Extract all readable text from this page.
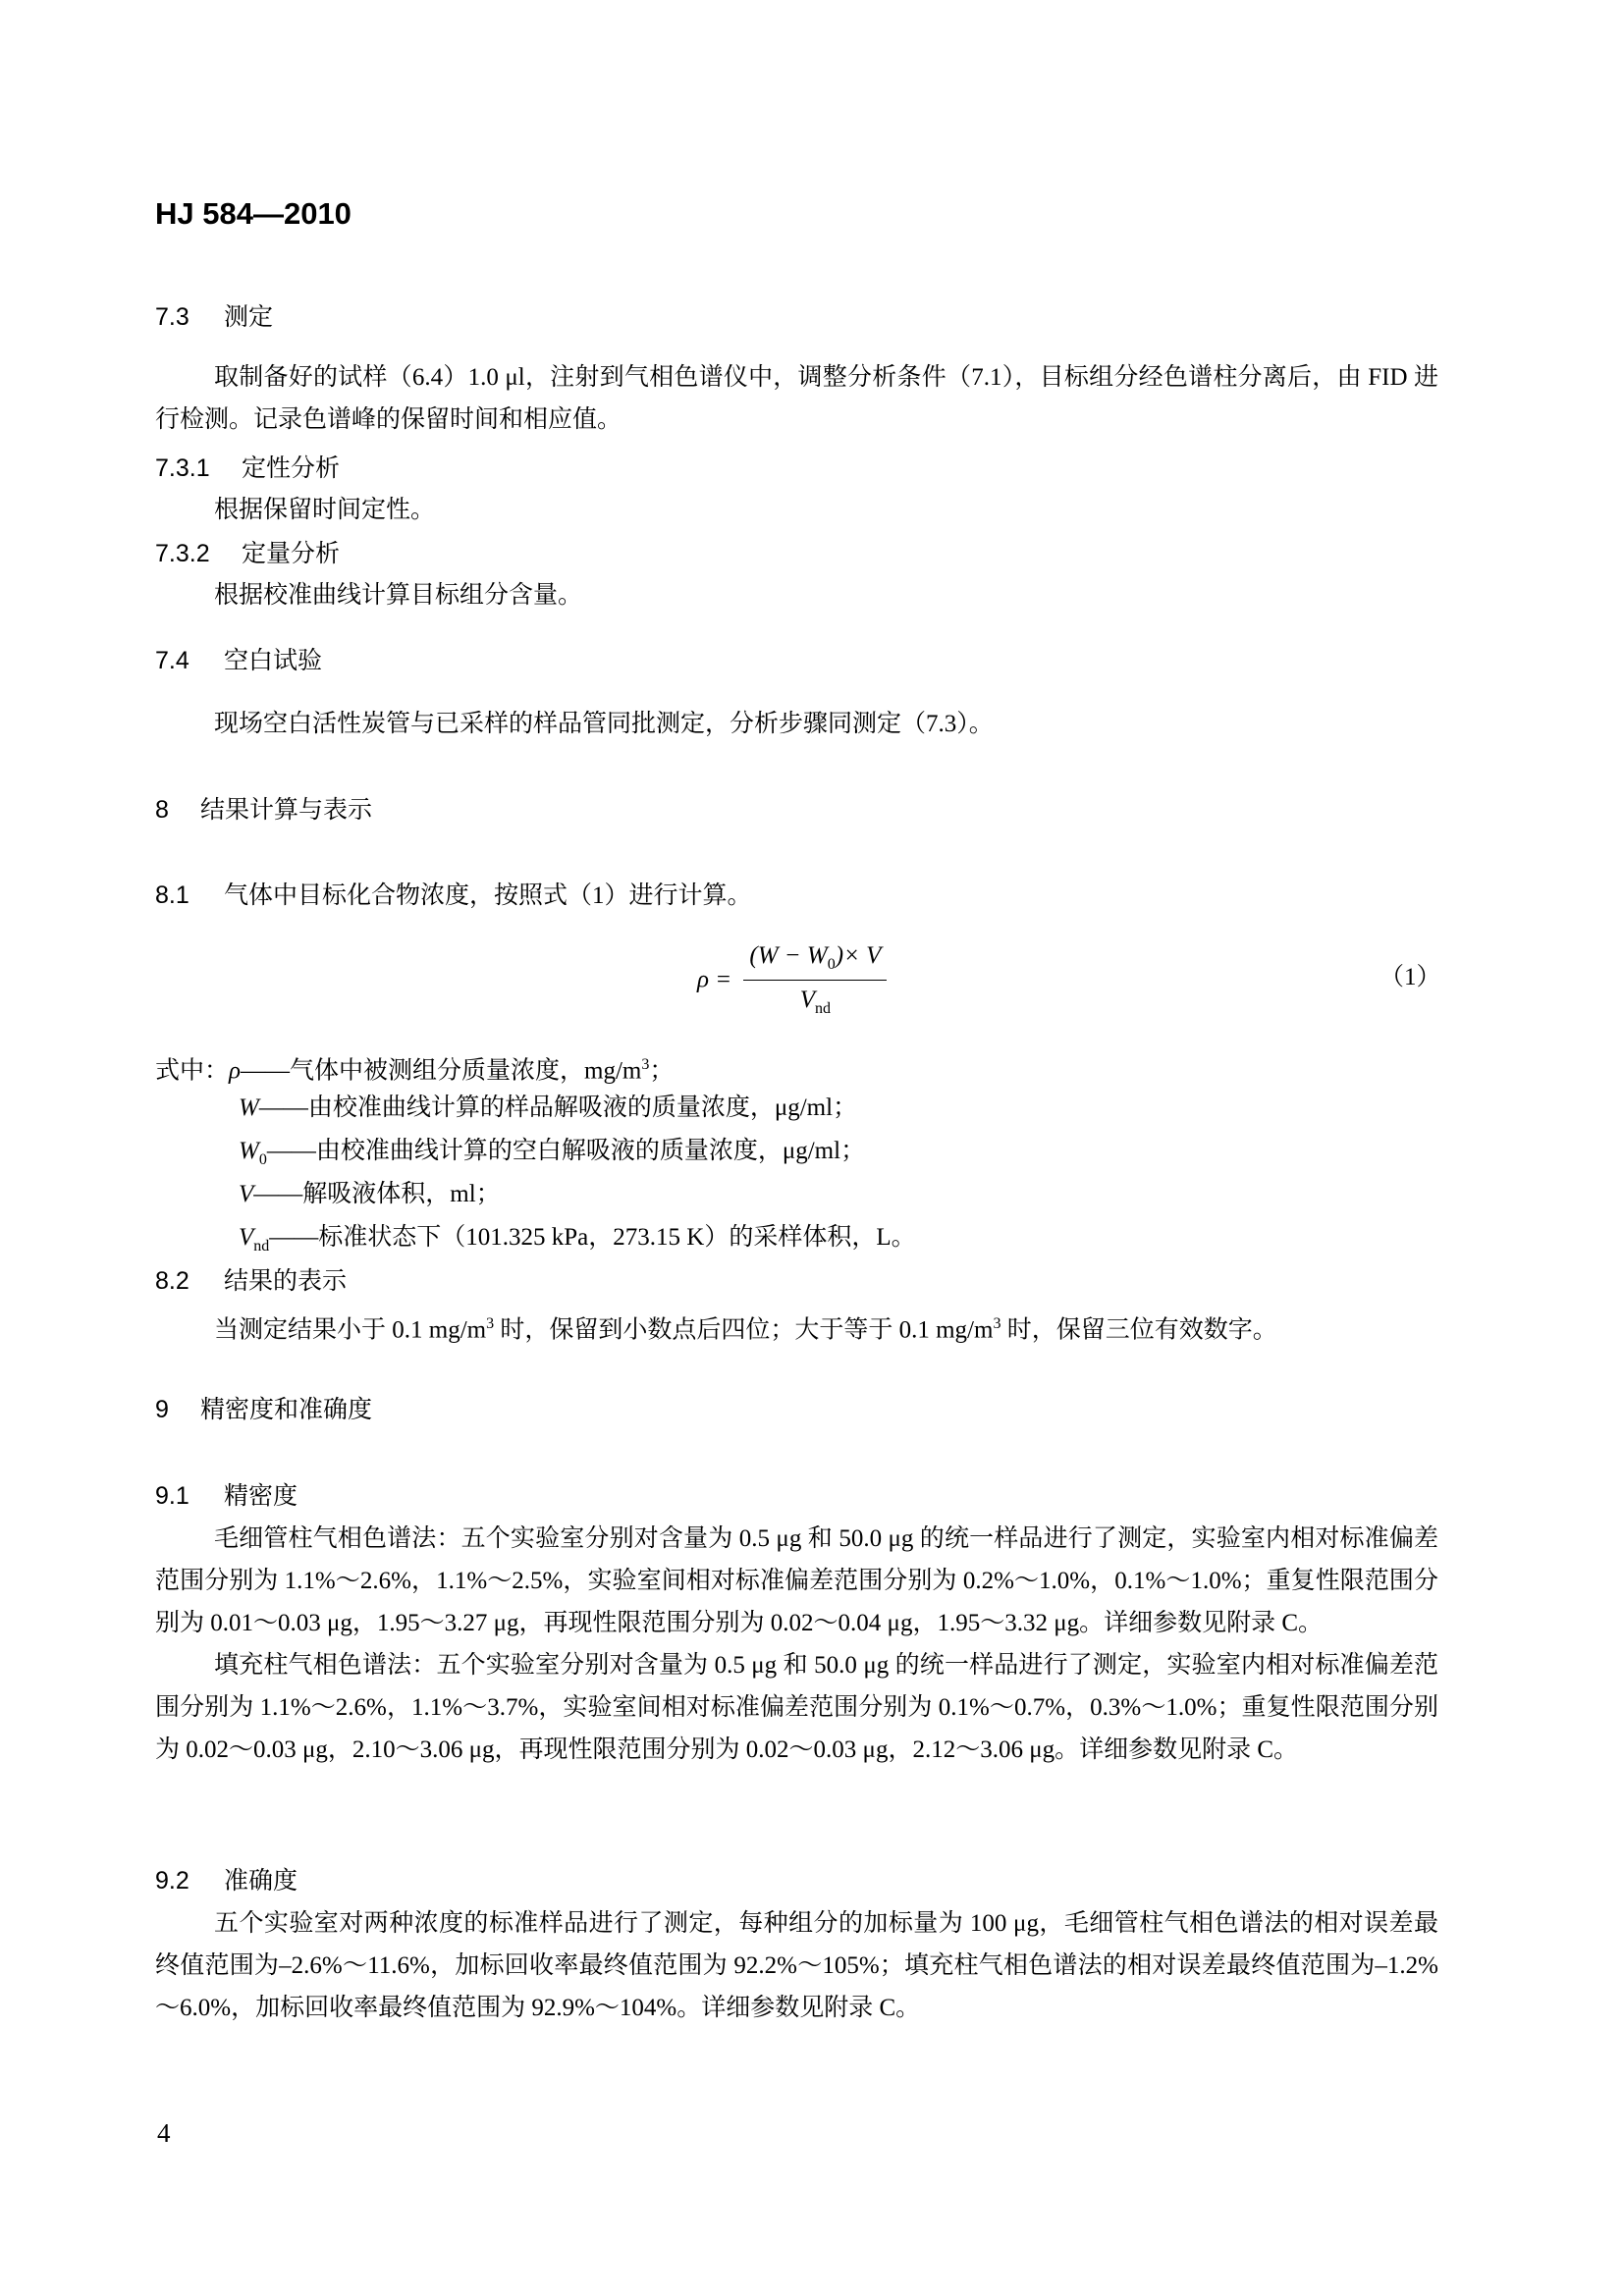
HJ 584—2010
7.3 测定

取制备好的试样（6.4）1.0 μl，注射到气相色谱仪中，调整分析条件（7.1），目标组分经色谱柱分离后，由 FID 进行检测。记录色谱峰的保留时间和相应值。

7.3.1 定性分析
根据保留时间定性。
7.3.2 定量分析
根据校准曲线计算目标组分含量。
7.4 空白试验
现场空白活性炭管与已采样的样品管同批测定，分析步骤同测定（7.3）。
8 结果计算与表示
8.1 气体中目标化合物浓度，按照式（1）进行计算。
$\rho = \frac{(W - W_0)\times V}{V_{nd}}$	（1）
式中：ρ——气体中被测组分质量浓度，$mg/m^3$；
W——由校准曲线计算的样品解吸液的质量浓度，μg/ml；
$W_0——$由校准曲线计算的空白解吸液的质量浓度，μg/ml；
V——解吸液体积，ml；
$V_{nd}——$标准状态下（101.325 kPa，273.15 K）的采样体积，L。
8.2 结果的表示
当测定结果小于 0.1 $mg/m^3$ 时，保留到小数点后四位；大于等于 0.1 $mg/m^3$ 时，保留三位有效数字。
9 精密度和准确度
9.1 精密度

毛细管柱气相色谱法：五个实验室分别对含量为 0.5 μg 和 50.0 μg 的统一样品进行了测定，实验室内相对标准偏差范围分别为 1.1%～2.6%，1.1%～2.5%，实验室间相对标准偏差范围分别为 0.2%～1.0%，0.1%～1.0%；重复性限范围分别为 0.01～0.03 μg，1.95～3.27 μg，再现性限范围分别为 0.02～0.04 μg，1.95～3.32 μg。详细参数见附录 C。

填充柱气相色谱法：五个实验室分别对含量为 0.5 μg 和 50.0 μg 的统一样品进行了测定，实验室内相对标准偏差范围分别为 1.1%～2.6%，1.1%～3.7%，实验室间相对标准偏差范围分别为 0.1%～0.7%，0.3%～1.0%；重复性限范围分别为 0.02～0.03 μg，2.10～3.06 μg，再现性限范围分别为 0.02～0.03 μg，2.12～3.06 μg。详细参数见附录 C。

9.2 准确度

五个实验室对两种浓度的标准样品进行了测定，每种组分的加标量为 100 μg，毛细管柱气相色谱法的相对误差最终值范围为–2.6%～11.6%，加标回收率最终值范围为 92.2%～105%；填充柱气相色谱法的相对误差最终值范围为–1.2%～6.0%，加标回收率最终值范围为 92.9%～104%。详细参数见附录 C。

4
